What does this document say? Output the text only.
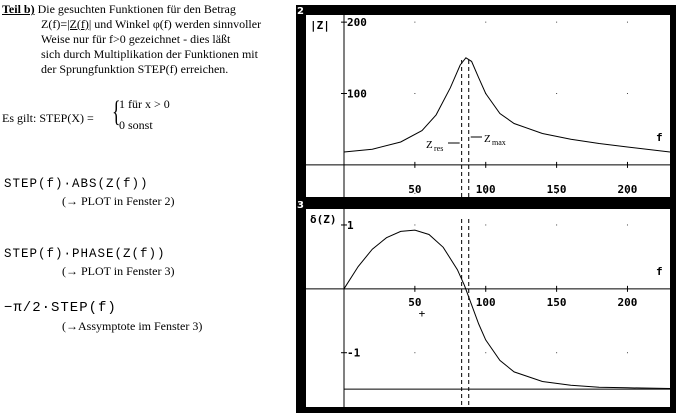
Teil b) Die gesuchten Funktionen für den Betrag
Z(f)=|Z(f)| und Winkel φ(f) werden sinnvoller
Weise nur für f>0 gezeichnet - dies läßt
sich durch Multiplikation der Funktionen mit
der Sprungfunktion STEP(f) erreichen.
Es gilt: STEP(X) = {
1 für x > 0
0 sonst
STEP(f)·ABS(Z(f))
(→ PLOT in Fenster 2)
STEP(f)·PHASE(Z(f))
(→ PLOT in Fenster 3)
−π/2·STEP(f)
(→Assymptote im Fenster 3)
2
3
200
100
50	100	150	200
|Z|
f
Z res
Z max
1
-1
50	100	150	200
δ(Z)
f
+
